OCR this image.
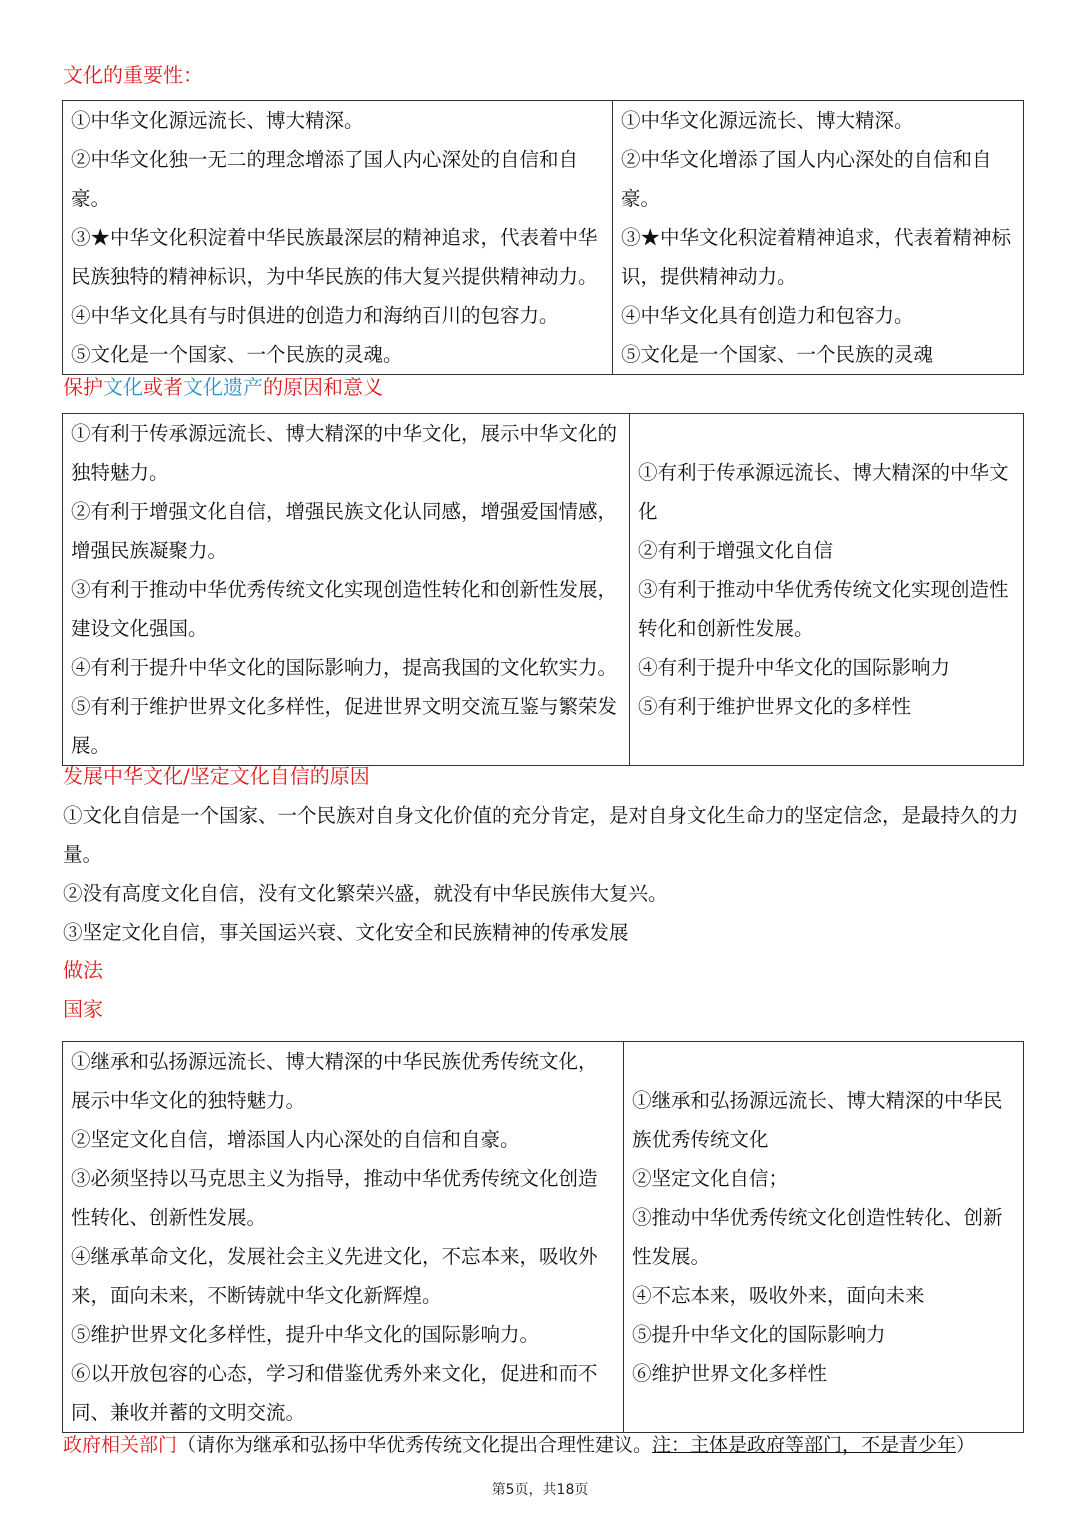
文化的重要性：
①中华文化源远流长、博大精深。
②中华文化独一无二的理念增添了国人内心深处的自信和自豪。
③★中华文化积淀着中华民族最深层的精神追求，代表着中华民族独特的精神标识，为中华民族的伟大复兴提供精神动力。
④中华文化具有与时俱进的创造力和海纳百川的包容力。
⑤文化是一个国家、一个民族的灵魂。

①中华文化源远流长、博大精深。
②中华文化增添了国人内心深处的自信和自豪。
③★中华文化积淀着精神追求，代表着精神标识，提供精神动力。
④中华文化具有创造力和包容力。
⑤文化是一个国家、一个民族的灵魂
保护文化或者文化遗产的原因和意义
①有利于传承源远流长、博大精深的中华文化，展示中华文化的独特魅力。
②有利于增强文化自信，增强民族文化认同感，增强爱国情感，增强民族凝聚力。
③有利于推动中华优秀传统文化实现创造性转化和创新性发展，建设文化强国。
④有利于提升中华文化的国际影响力，提高我国的文化软实力。
⑤有利于维护世界文化多样性，促进世界文明交流互鉴与繁荣发展。

①有利于传承源远流长、博大精深的中华文化
②有利于增强文化自信
③有利于推动中华优秀传统文化实现创造性转化和创新性发展。
④有利于提升中华文化的国际影响力
⑤有利于维护世界文化的多样性
发展中华文化/坚定文化自信的原因
①文化自信是一个国家、一个民族对自身文化价值的充分肯定，是对自身文化生命力的坚定信念，是最持久的力量。
②没有高度文化自信，没有文化繁荣兴盛，就没有中华民族伟大复兴。
③坚定文化自信，事关国运兴衰、文化安全和民族精神的传承发展
做法
国家
①继承和弘扬源远流长、博大精深的中华民族优秀传统文化，展示中华文化的独特魅力。
②坚定文化自信，增添国人内心深处的自信和自豪。
③必须坚持以马克思主义为指导，推动中华优秀传统文化创造性转化、创新性发展。
④继承革命文化，发展社会主义先进文化，不忘本来，吸收外来，面向未来，不断铸就中华文化新辉煌。
⑤维护世界文化多样性，提升中华文化的国际影响力。
⑥以开放包容的心态，学习和借鉴优秀外来文化，促进和而不同、兼收并蓄的文明交流。

①继承和弘扬源远流长、博大精深的中华民族优秀传统文化
②坚定文化自信；
③推动中华优秀传统文化创造性转化、创新性发展。
④不忘本来，吸收外来，面向未来
⑤提升中华文化的国际影响力
⑥维护世界文化多样性
政府相关部门（请你为继承和弘扬中华优秀传统文化提出合理性建议。注：主体是政府等部门，不是青少年）
第5页，共18页
